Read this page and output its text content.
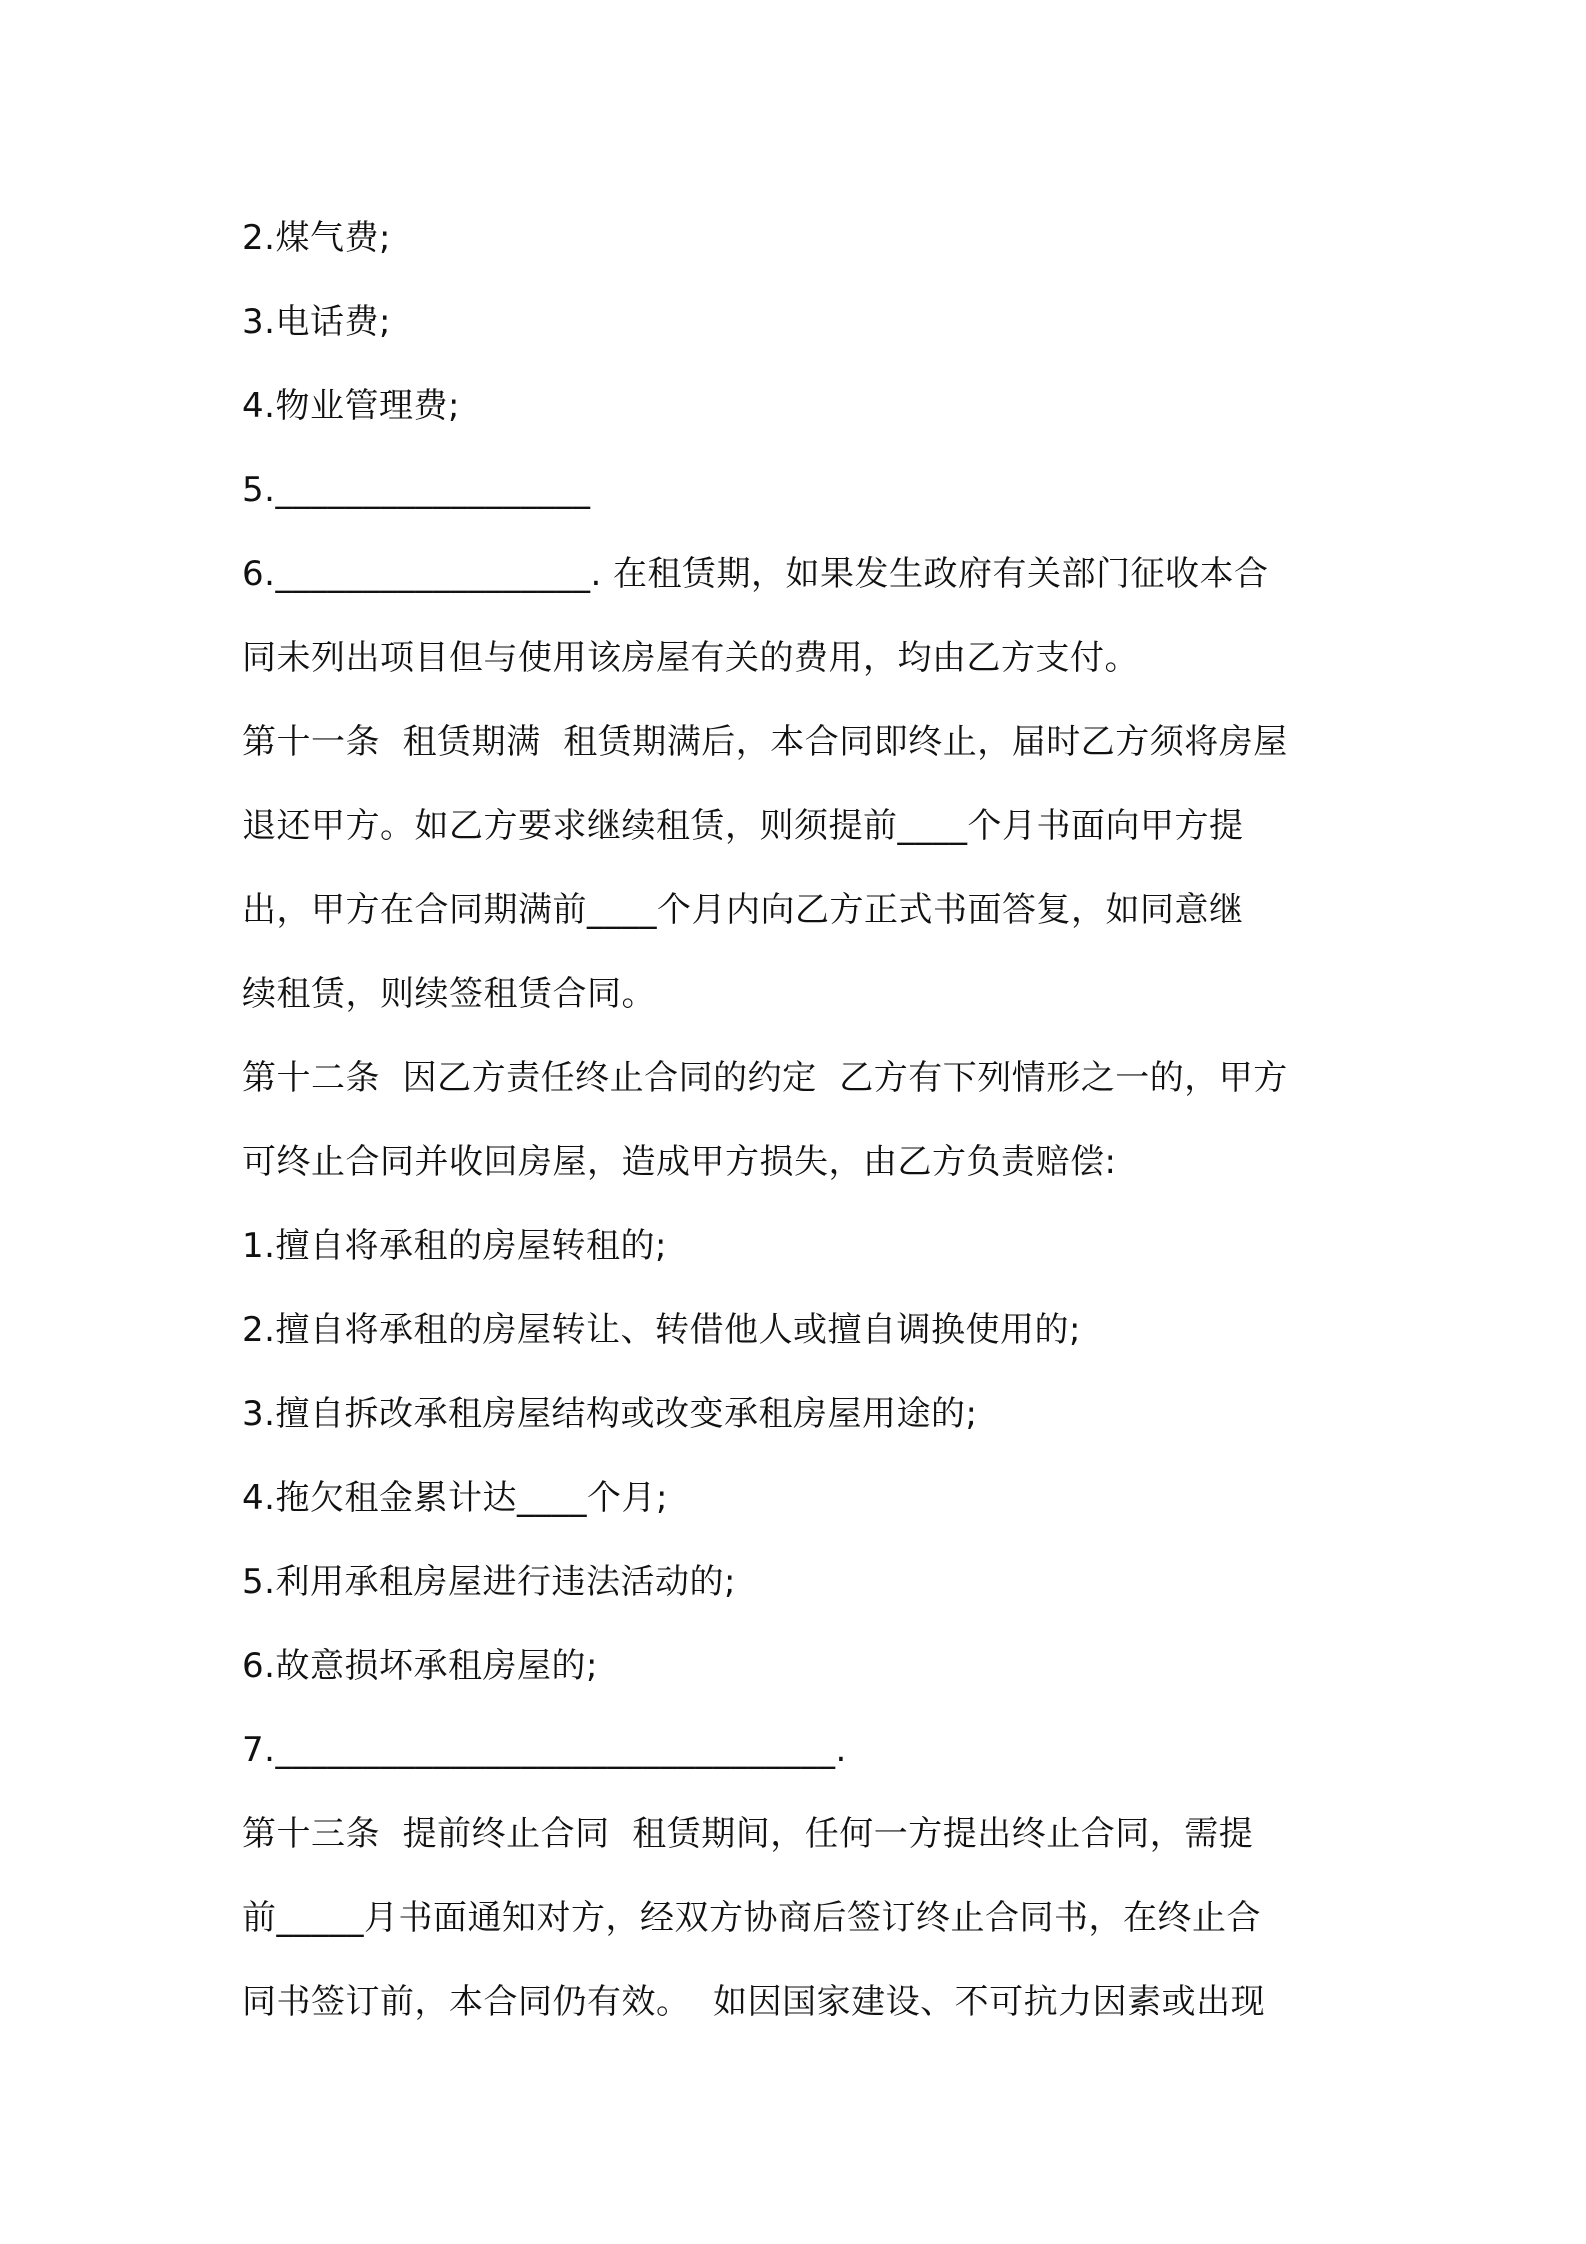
2.煤气费;
3.电话费;
4.物业管理费;
5.__________________
6.__________________. 在租赁期，如果发生政府有关部门征收本合
同未列出项目但与使用该房屋有关的费用，均由乙方支付。
第十一条  租赁期满  租赁期满后，本合同即终止，届时乙方须将房屋
退还甲方。如乙方要求继续租赁，则须提前____个月书面向甲方提
出，甲方在合同期满前____个月内向乙方正式书面答复，如同意继
续租赁，则续签租赁合同。
第十二条  因乙方责任终止合同的约定  乙方有下列情形之一的，甲方
可终止合同并收回房屋，造成甲方损失，由乙方负责赔偿:
1.擅自将承租的房屋转租的;
2.擅自将承租的房屋转让、转借他人或擅自调换使用的;
3.擅自拆改承租房屋结构或改变承租房屋用途的;
4.拖欠租金累计达____个月;
5.利用承租房屋进行违法活动的;
6.故意损坏承租房屋的;
7.________________________________.
第十三条  提前终止合同  租赁期间，任何一方提出终止合同，需提
前_____月书面通知对方，经双方协商后签订终止合同书，在终止合
同书签订前，本合同仍有效。  如因国家建设、不可抗力因素或出现
